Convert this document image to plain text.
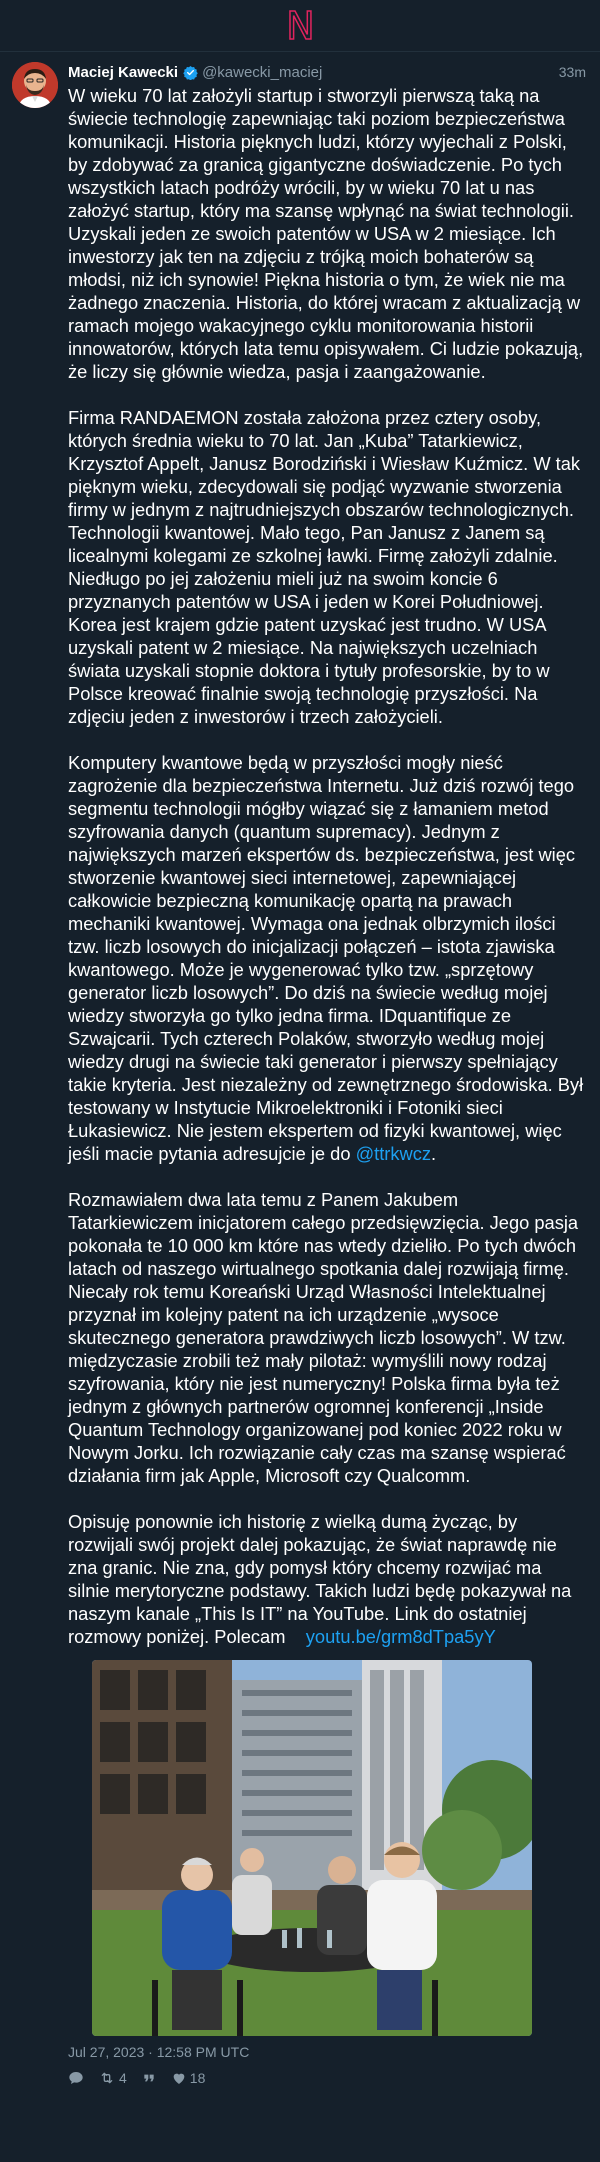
N
Maciej Kawecki @kawecki_maciej	33m

W wieku 70 lat założyli startup i stworzyli pierwszą taką na świecie technologię zapewniając taki poziom bezpieczeństwa komunikacji. Historia pięknych ludzi, którzy wyjechali z Polski, by zdobywać za granicą gigantyczne doświadczenie. Po tych wszystkich latach podróży wrócili, by w wieku 70 lat u nas założyć startup, który ma szansę wpłynąć na świat technologii. Uzyskali jeden ze swoich patentów w USA w 2 miesiące. Ich inwestorzy jak ten na zdjęciu z trójką moich bohaterów są młodsi, niż ich synowie! Piękna historia o tym, że wiek nie ma żadnego znaczenia. Historia, do której wracam z aktualizacją w ramach mojego wakacyjnego cyklu monitorowania historii innowatorów, których lata temu opisywałem. Ci ludzie pokazują, że liczy się głównie wiedza, pasja i zaangażowanie.

Firma RANDAEMON została założona przez cztery osoby, których średnia wieku to 70 lat. Jan „Kuba” Tatarkiewicz, Krzysztof Appelt, Janusz Borodziński i Wiesław Kuźmicz. W tak pięknym wieku, zdecydowali się podjąć wyzwanie stworzenia firmy w jednym z najtrudniejszych obszarów technologicznych. Technologii kwantowej. Mało tego, Pan Janusz z Janem są licealnymi kolegami ze szkolnej ławki. Firmę założyli zdalnie. Niedługo po jej założeniu mieli już na swoim koncie 6 przyznanych patentów w USA i jeden w Korei Południowej. Korea jest krajem gdzie patent uzyskać jest trudno. W USA uzyskali patent w 2 miesiące. Na największych uczelniach świata uzyskali stopnie doktora i tytuły profesorskie, by to w Polsce kreować finalnie swoją technologię przyszłości. Na zdjęciu jeden z inwestorów i trzech założycieli.

Komputery kwantowe będą w przyszłości mogły nieść zagrożenie dla bezpieczeństwa Internetu. Już dziś rozwój tego segmentu technologii mógłby wiązać się z łamaniem metod szyfrowania danych (quantum supremacy). Jednym z największych marzeń ekspertów ds. bezpieczeństwa, jest więc stworzenie kwantowej sieci internetowej, zapewniającej całkowicie bezpieczną komunikację opartą na prawach mechaniki kwantowej. Wymaga ona jednak olbrzymich ilości tzw. liczb losowych do inicjalizacji połączeń – istota zjawiska kwantowego. Może je wygenerować tylko tzw. „sprzętowy generator liczb losowych”. Do dziś na świecie według mojej wiedzy stworzyła go tylko jedna firma. IDquantifique ze Szwajcarii. Tych czterech Polaków, stworzyło według mojej wiedzy drugi na świecie taki generator i pierwszy spełniający takie kryteria. Jest niezależny od zewnętrznego środowiska. Był testowany w Instytucie Mikroelektroniki i Fotoniki sieci Łukasiewicz. Nie jestem ekspertem od fizyki kwantowej, więc jeśli macie pytania adresujcie je do @ttrkwcz.

Rozmawiałem dwa lata temu z Panem Jakubem Tatarkiewiczem inicjatorem całego przedsięwzięcia. Jego pasja pokonała te 10 000 km które nas wtedy dzieliło. Po tych dwóch latach od naszego wirtualnego spotkania dalej rozwijają firmę. Niecały rok temu Koreański Urząd Własności Intelektualnej przyznał im kolejny patent na ich urządzenie „wysoce skutecznego generatora prawdziwych liczb losowych”. W tzw. międzyczasie zrobili też mały pilotaż: wymyślili nowy rodzaj szyfrowania, który nie jest numeryczny! Polska firma była też jednym z głównych partnerów ogromnej konferencji „Inside Quantum Technology organizowanej pod koniec 2022 roku w Nowym Jorku. Ich rozwiązanie cały czas ma szansę wspierać działania firm jak Apple, Microsoft czy Qualcomm.

Opisuję ponownie ich historię z wielką dumą życząc, by rozwijali swój projekt dalej pokazując, że świat naprawdę nie zna granic. Nie zna, gdy pomysł który chcemy rozwijać ma silnie merytoryczne podstawy. Takich ludzi będę pokazywał na naszym kanale „This Is IT” na YouTube. Link do ostatniej rozmowy poniżej. Polecam youtu.be/grm8dTpa5yY

Jul 27, 2023 · 12:58 PM UTC
4	18
